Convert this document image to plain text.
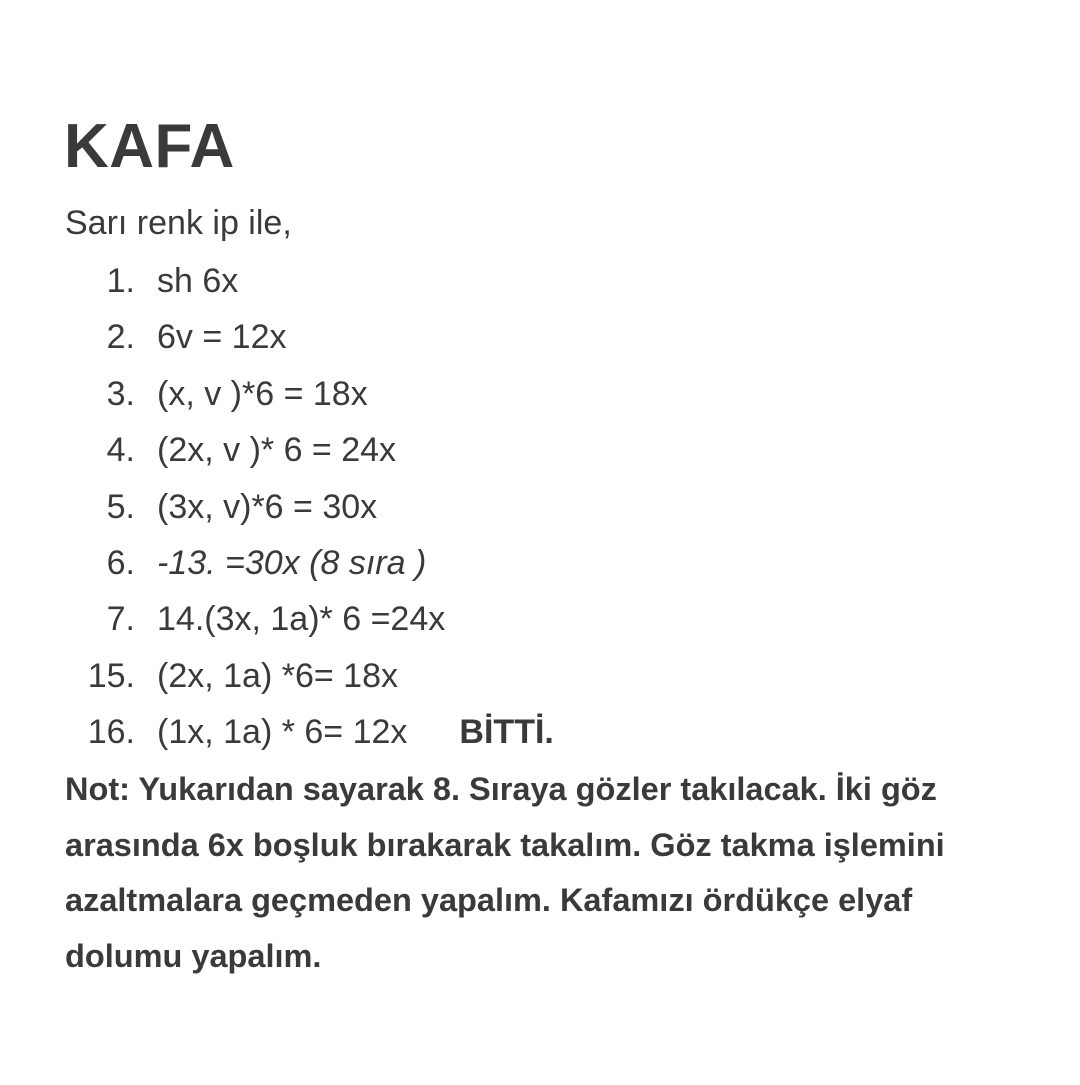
KAFA
Sarı renk ip ile,
1. sh 6x
2. 6v = 12x
3. (x, v )*6 = 18x
4. (2x, v )* 6 = 24x
5. (3x, v)*6 = 30x
6. -13. =30x (8 sıra )
7. 14.(3x, 1a)* 6 =24x
15. (2x, 1a) *6= 18x
16. (1x, 1a) * 6= 12x BİTTİ.
Not: Yukarıdan sayarak 8. Sıraya gözler takılacak. İki göz arasında 6x boşluk bırakarak takalım. Göz takma işlemini azaltmalara geçmeden yapalım. Kafamızı ördükçe elyaf dolumu yapalım.
